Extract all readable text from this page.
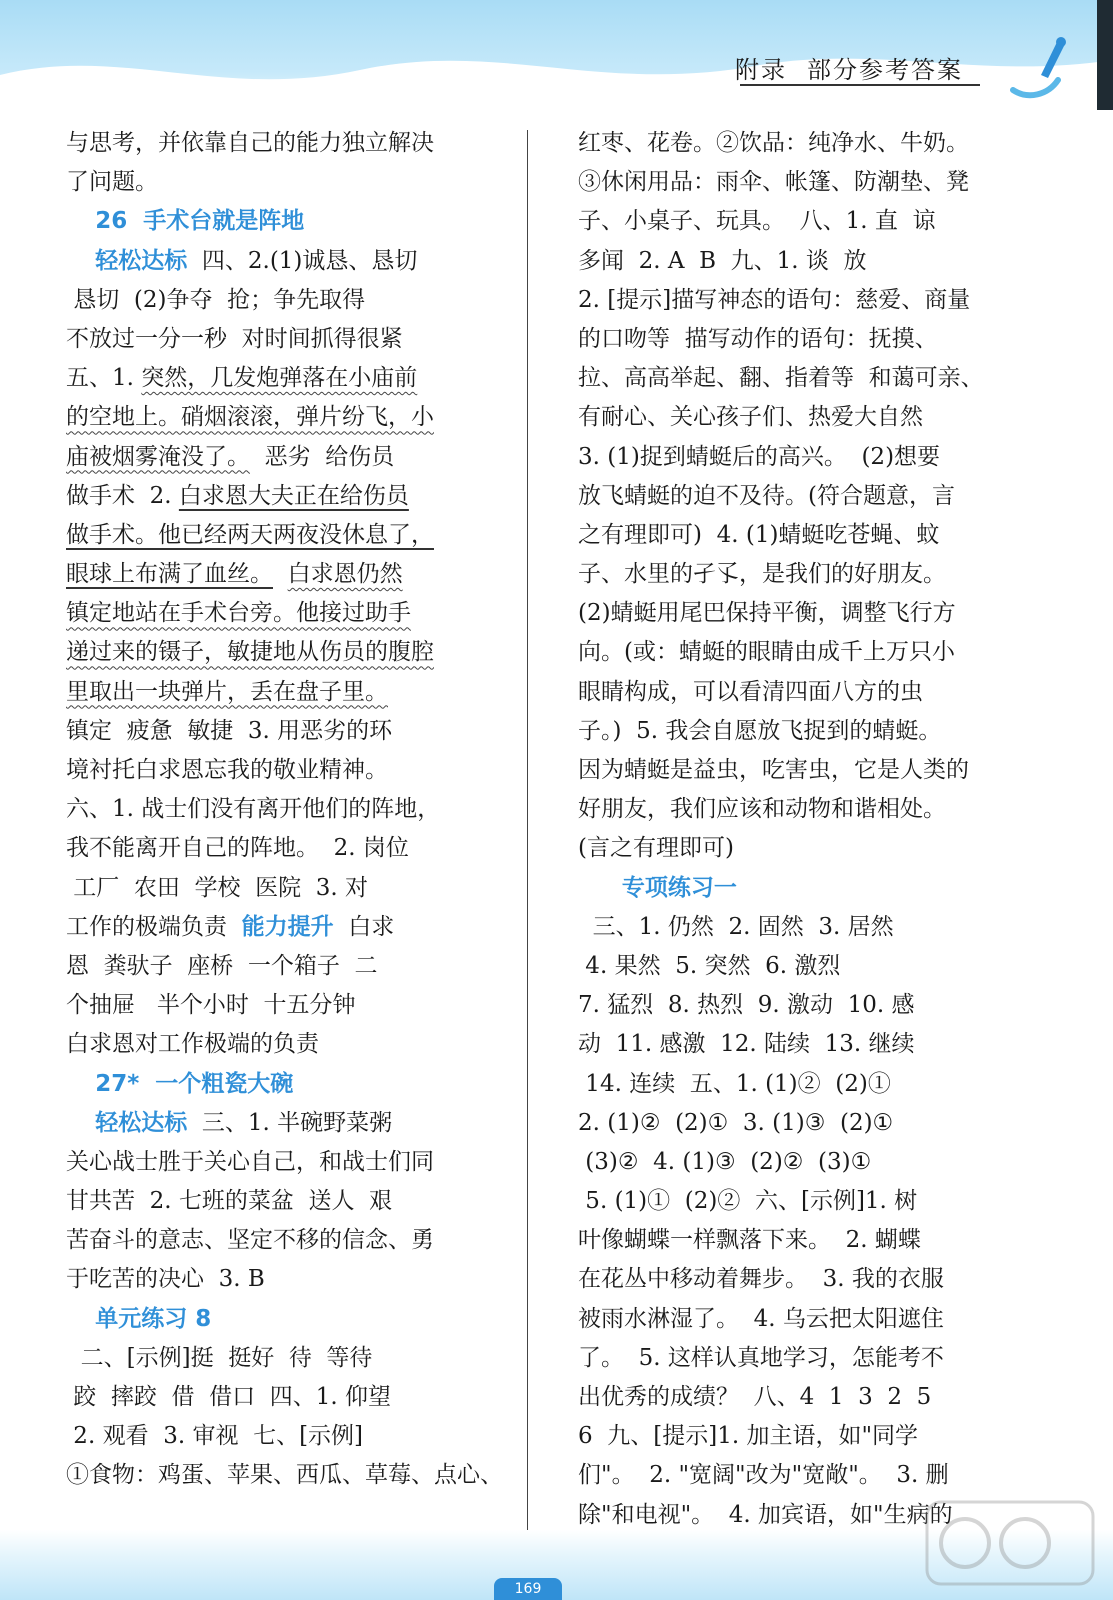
附录 部分参考答案
与思考，并依靠自己的能力独立解决
了问题。
26  手术台就是阵地
轻松达标  四、2.(1)诚恳、恳切
恳切  (2)争夺  抢；争先取得
不放过一分一秒  对时间抓得很紧
五、1. 突然，几发炮弹落在小庙前
的空地上。硝烟滚滚，弹片纷飞，小
庙被烟雾淹没了。  恶劣  给伤员
做手术  2. 白求恩大夫正在给伤员
做手术。他已经两天两夜没休息了，
眼球上布满了血丝。 白求恩仍然
镇定地站在手术台旁。他接过助手
递过来的镊子，敏捷地从伤员的腹腔
里取出一块弹片，丢在盘子里。
镇定  疲惫  敏捷  3. 用恶劣的环
境衬托白求恩忘我的敬业精神。
六、1. 战士们没有离开他们的阵地，
我不能离开自己的阵地。  2. 岗位
工厂  农田  学校  医院  3. 对
工作的极端负责  能力提升  白求
恩  粪驮子  座桥  一个箱子  二
个抽屉   半个小时  十五分钟
白求恩对工作极端的负责
27*  一个粗瓷大碗
轻松达标  三、1. 半碗野菜粥
关心战士胜于关心自己，和战士们同
甘共苦  2. 七班的菜盆  送人  艰
苦奋斗的意志、坚定不移的信念、勇
于吃苦的决心  3. B
单元练习 8
二、[示例]挺  挺好  待  等待
跤  摔跤  借  借口  四、1. 仰望
2. 观看  3. 审视  七、[示例]
①食物：鸡蛋、苹果、西瓜、草莓、点心、
红枣、花卷。②饮品：纯净水、牛奶。
③休闲用品：雨伞、帐篷、防潮垫、凳
子、小桌子、玩具。  八、1. 直  谅
多闻  2. A  B  九、1. 谈  放
2. [提示]描写神态的语句：慈爱、商量
的口吻等  描写动作的语句：抚摸、
拉、高高举起、翻、指着等  和蔼可亲、
有耐心、关心孩子们、热爱大自然
3. (1)捉到蜻蜓后的高兴。  (2)想要
放飞蜻蜓的迫不及待。(符合题意，言
之有理即可)  4. (1)蜻蜓吃苍蝇、蚊
子、水里的孑孓，是我们的好朋友。
(2)蜻蜓用尾巴保持平衡，调整飞行方
向。(或：蜻蜓的眼睛由成千上万只小
眼睛构成，可以看清四面八方的虫
子。)  5. 我会自愿放飞捉到的蜻蜓。
因为蜻蜓是益虫，吃害虫，它是人类的
好朋友，我们应该和动物和谐相处。
(言之有理即可)
专项练习一
三、1. 仍然  2. 固然  3. 居然
4. 果然  5. 突然  6. 激烈
7. 猛烈  8. 热烈  9. 激动  10. 感
动  11. 感激  12. 陆续  13. 继续
14. 连续  五、1. (1)②  (2)①
2. (1)②  (2)①  3. (1)③  (2)①
(3)②  4. (1)③  (2)②  (3)①
5. (1)①  (2)②  六、[示例]1. 树
叶像蝴蝶一样飘落下来。  2. 蝴蝶
在花丛中移动着舞步。  3. 我的衣服
被雨水淋湿了。  4. 乌云把太阳遮住
了。  5. 这样认真地学习，怎能考不
出优秀的成绩？  八、4  1  3  2  5
6  九、[提示]1. 加主语，如"同学
们"。  2. "宽阔"改为"宽敞"。  3. 删
除"和电视"。  4. 加宾语，如"生病的
169
